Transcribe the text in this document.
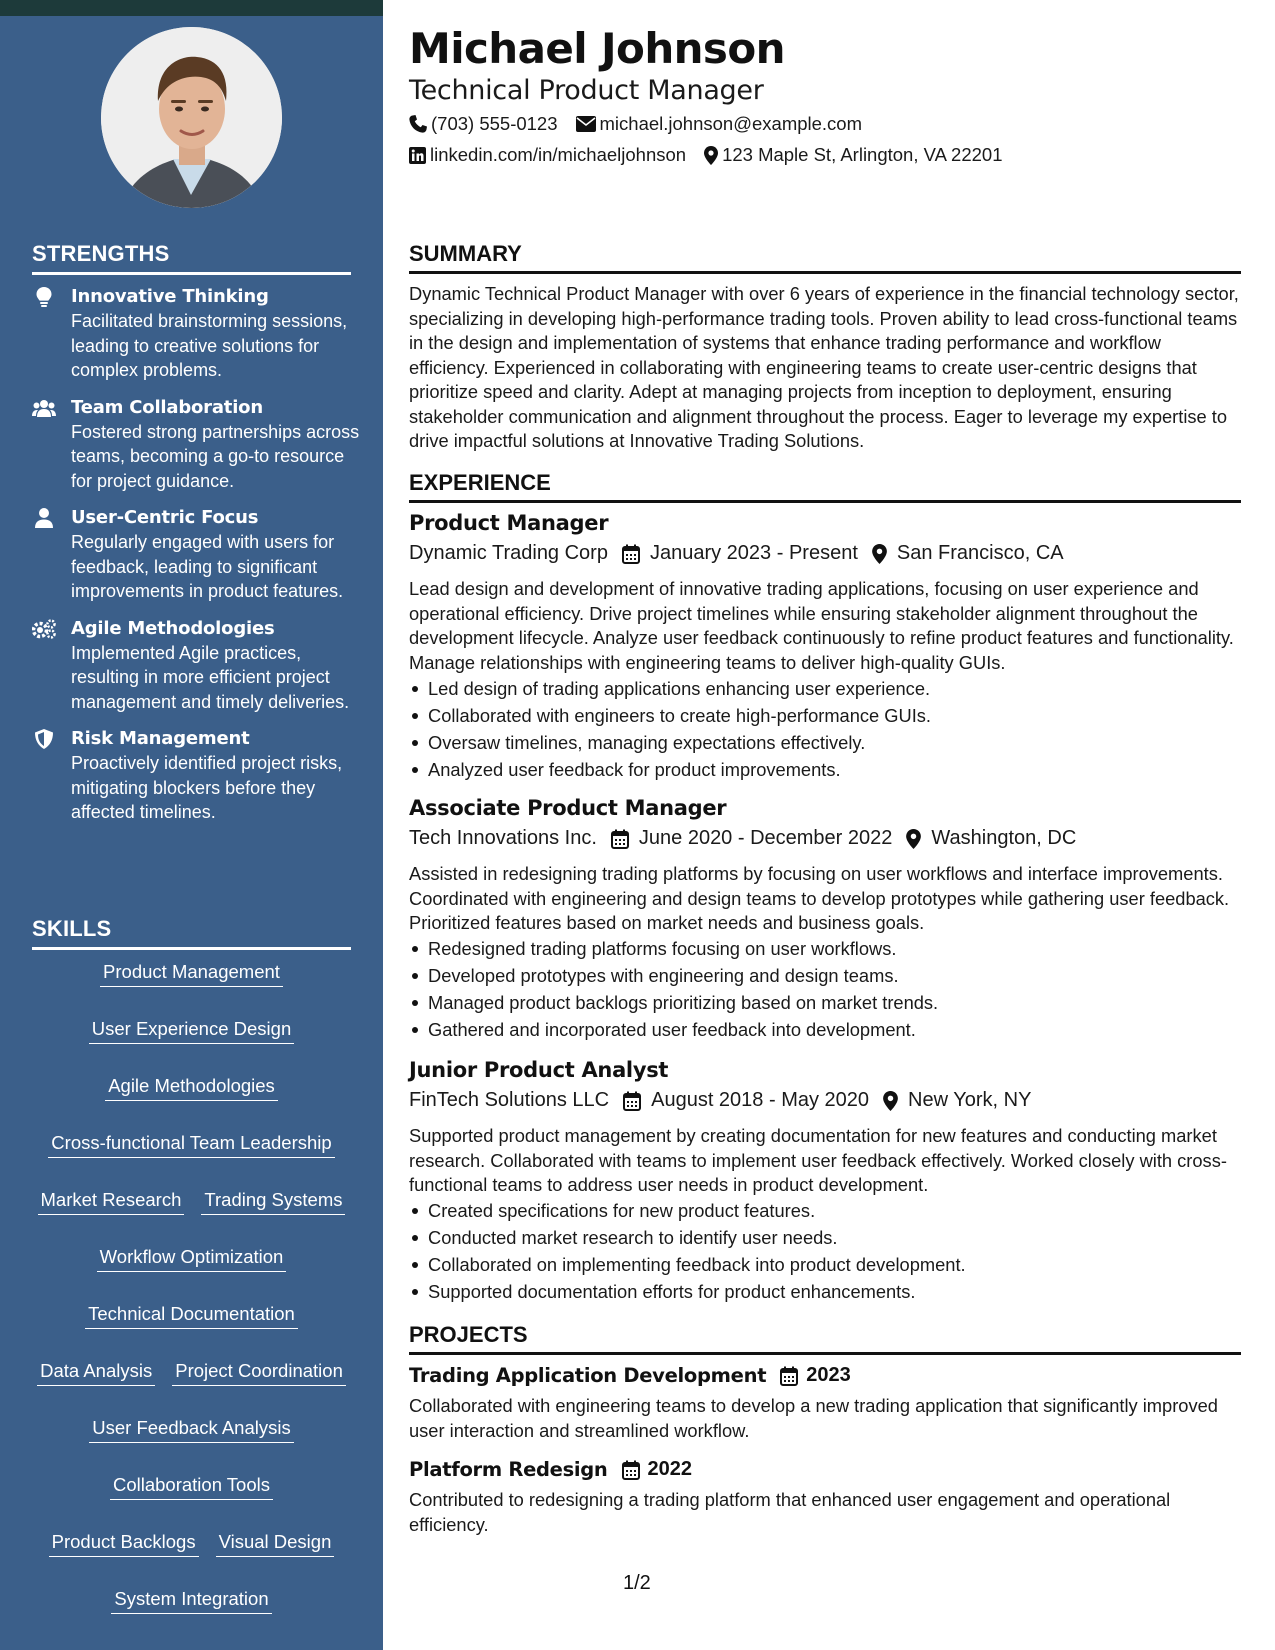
STRENGTHS
Innovative Thinking
Facilitated brainstorming sessions, leading to creative solutions for complex problems.
Team Collaboration
Fostered strong partnerships across teams, becoming a go-to resource for project guidance.
User-Centric Focus
Regularly engaged with users for feedback, leading to significant improvements in product features.
Agile Methodologies
Implemented Agile practices, resulting in more efficient project management and timely deliveries.
Risk Management
Proactively identified project risks, mitigating blockers before they affected timelines.
SKILLS
Product Management
User Experience Design
Agile Methodologies
Cross-functional Team Leadership
Market Research Trading Systems
Workflow Optimization
Technical Documentation
Data Analysis Project Coordination
User Feedback Analysis
Collaboration Tools
Product Backlogs Visual Design
System Integration
Michael Johnson
Technical Product Manager
(703) 555-0123 michael.johnson@example.com
linkedin.com/in/michaeljohnson 123 Maple St, Arlington, VA 22201
SUMMARY
Dynamic Technical Product Manager with over 6 years of experience in the financial technology sector, specializing in developing high-performance trading tools. Proven ability to lead cross-functional teams in the design and implementation of systems that enhance trading performance and workflow efficiency. Experienced in collaborating with engineering teams to create user-centric designs that prioritize speed and clarity. Adept at managing projects from inception to deployment, ensuring stakeholder communication and alignment throughout the process. Eager to leverage my expertise to drive impactful solutions at Innovative Trading Solutions.
EXPERIENCE
Product Manager
Dynamic Trading Corp January 2023 - Present San Francisco, CA
Lead design and development of innovative trading applications, focusing on user experience and operational efficiency. Drive project timelines while ensuring stakeholder alignment throughout the development lifecycle. Analyze user feedback continuously to refine product features and functionality. Manage relationships with engineering teams to deliver high-quality GUIs.
Led design of trading applications enhancing user experience.
Collaborated with engineers to create high-performance GUIs.
Oversaw timelines, managing expectations effectively.
Analyzed user feedback for product improvements.
Associate Product Manager
Tech Innovations Inc. June 2020 - December 2022 Washington, DC
Assisted in redesigning trading platforms by focusing on user workflows and interface improvements. Coordinated with engineering and design teams to develop prototypes while gathering user feedback. Prioritized features based on market needs and business goals.
Redesigned trading platforms focusing on user workflows.
Developed prototypes with engineering and design teams.
Managed product backlogs prioritizing based on market trends.
Gathered and incorporated user feedback into development.
Junior Product Analyst
FinTech Solutions LLC August 2018 - May 2020 New York, NY
Supported product management by creating documentation for new features and conducting market research. Collaborated with teams to implement user feedback effectively. Worked closely with cross-functional teams to address user needs in product development.
Created specifications for new product features.
Conducted market research to identify user needs.
Collaborated on implementing feedback into product development.
Supported documentation efforts for product enhancements.
PROJECTS
Trading Application Development 2023
Collaborated with engineering teams to develop a new trading application that significantly improved user interaction and streamlined workflow.
Platform Redesign 2022
Contributed to redesigning a trading platform that enhanced user engagement and operational efficiency.
1/2
